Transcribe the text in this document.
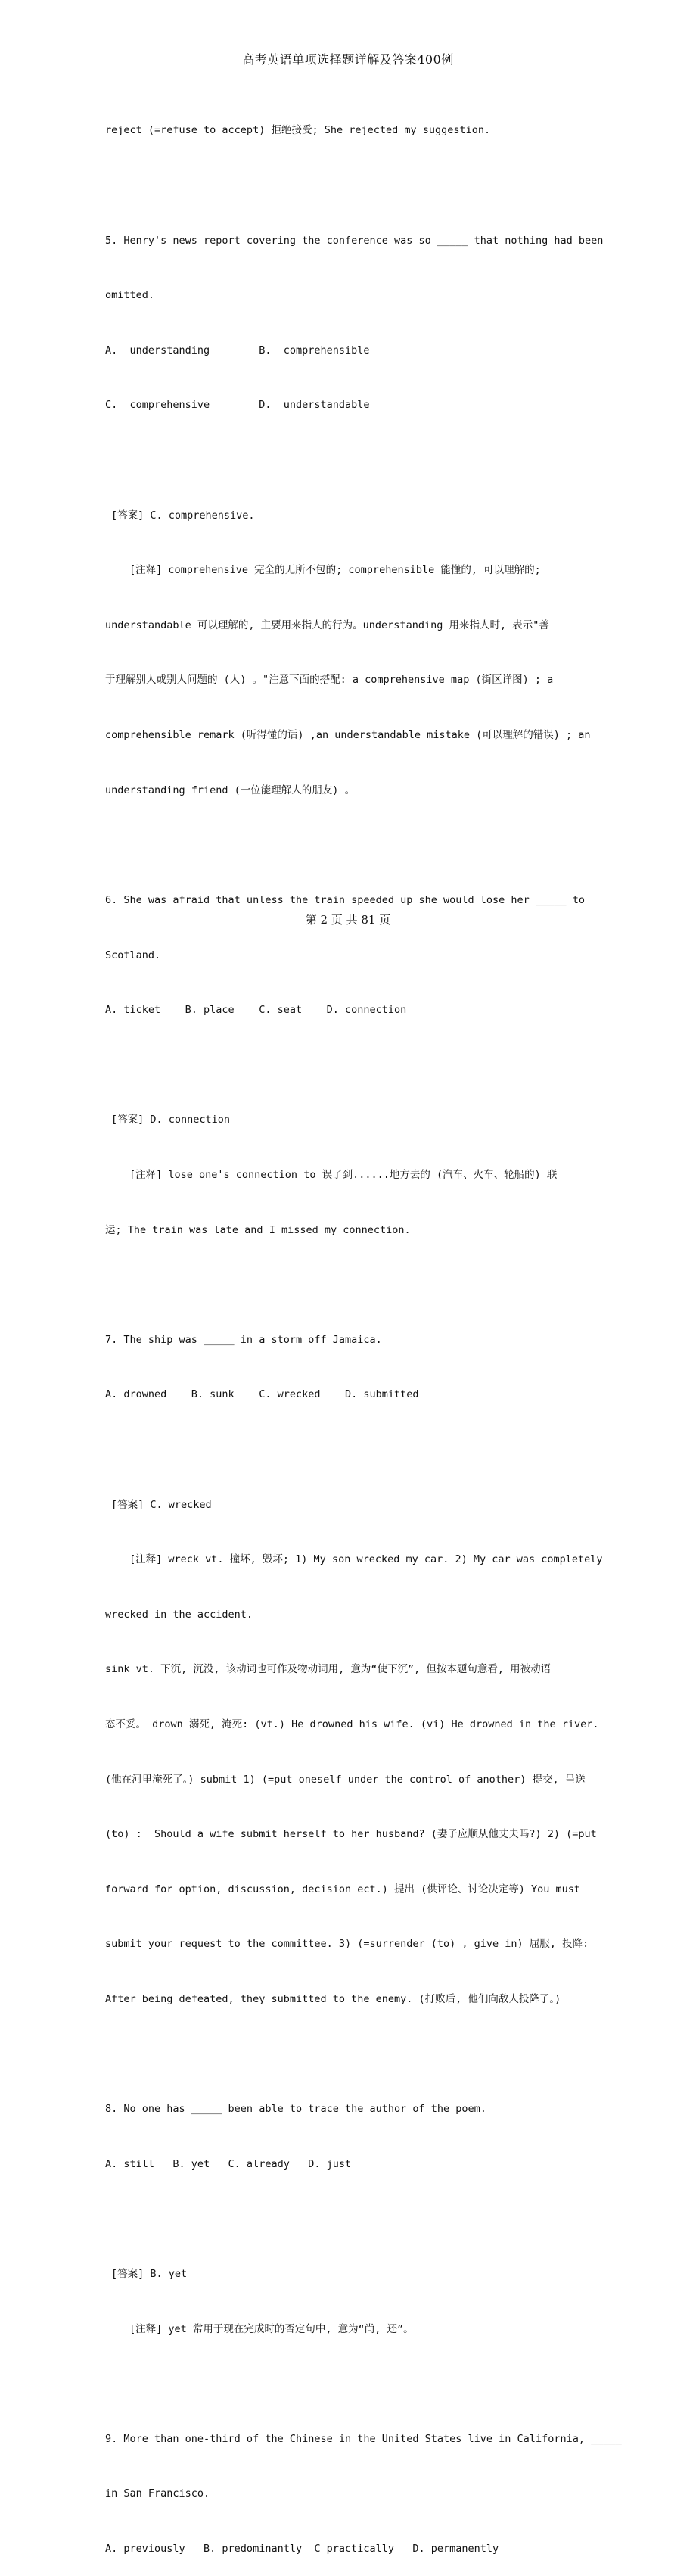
高考英语单项选择题详解及答案400例

reject (=refuse to accept) 拒绝接受; She rejected my suggestion.

5. Henry's news report covering the conference was so _____ that nothing had been

omitted.

A.  understanding        B.  comprehensible

C.  comprehensive        D.  understandable

[答案] C. comprehensive.

[注释] comprehensive 完全的无所不包的; comprehensible 能懂的, 可以理解的;

understandable 可以理解的, 主要用来指人的行为。understanding 用来指人时, 表示"善

于理解别人或别人问题的 (人) 。"注意下面的搭配: a comprehensive map (街区详图) ; a

comprehensible remark (听得懂的话) ,an understandable mistake (可以理解的错误) ; an

understanding friend (一位能理解人的朋友) 。

6. She was afraid that unless the train speeded up she would lose her _____ to

Scotland.

A. ticket    B. place    C. seat    D. connection

[答案] D. connection

[注释] lose one's connection to 误了到......地方去的 (汽车、火车、轮船的) 联

运; The train was late and I missed my connection.

7. The ship was _____ in a storm off Jamaica.

A. drowned    B. sunk    C. wrecked    D. submitted

[答案] C. wrecked

[注释] wreck vt. 撞坏, 毁坏; 1) My son wrecked my car. 2) My car was completely

wrecked in the accident.

sink vt. 下沉, 沉没, 该动词也可作及物动词用, 意为“使下沉”, 但按本题句意看, 用被动语

态不妥。 drown 溺死, 淹死: (vt.) He drowned his wife. (vi) He drowned in the river.

(他在河里淹死了。) submit 1) (=put oneself under the control of another) 提交, 呈送

(to) :  Should a wife submit herself to her husband? (妻子应顺从他丈夫吗?) 2) (=put

forward for option, discussion, decision ect.) 提出 (供评论、讨论决定等) You must

submit your request to the committee. 3) (=surrender (to) , give in) 屈服, 投降:

After being defeated, they submitted to the enemy. (打败后, 他们向敌人投降了。)

8. No one has _____ been able to trace the author of the poem.

A. still   B. yet   C. already   D. just

[答案] B. yet

[注释] yet 常用于现在完成时的否定句中, 意为“尚, 还”。

9. More than one-third of the Chinese in the United States live in California, _____

in San Francisco.

A. previously   B. predominantly  C practically   D. permanently

第 2 页 共 81 页
